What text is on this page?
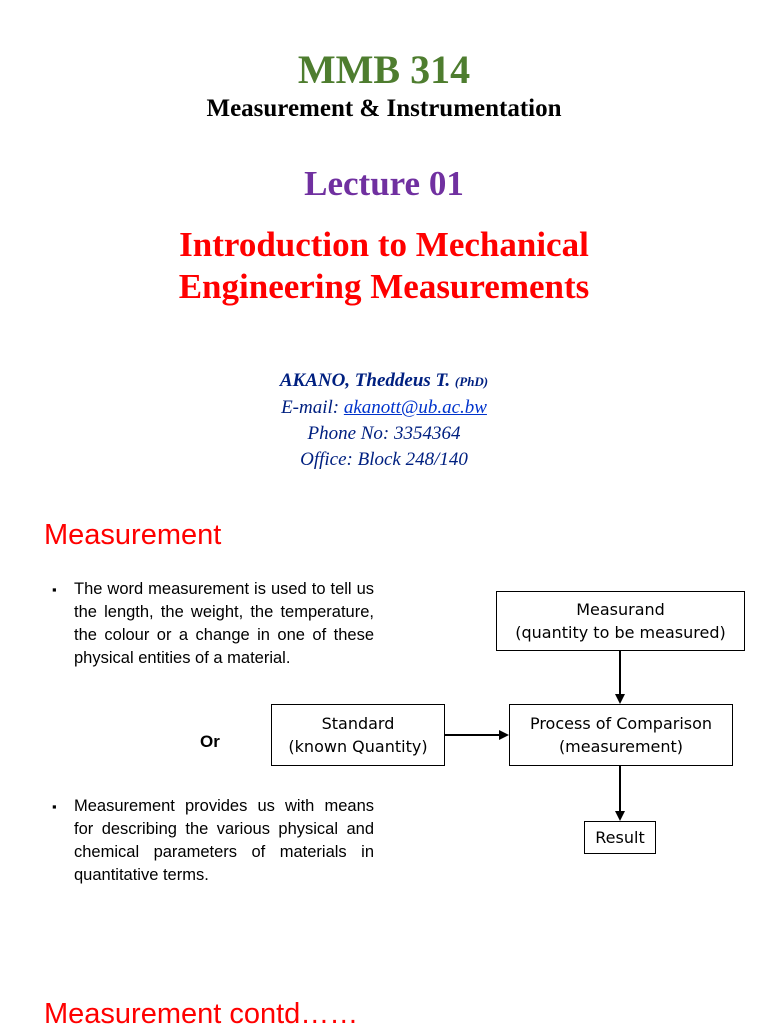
MMB 314
Measurement & Instrumentation
Lecture 01
Introduction to Mechanical
Engineering Measurements
AKANO, Theddeus T. (PhD)
E-mail: akanott@ub.ac.bw
Phone No: 3354364
Office: Block 248/140
Measurement
▪ The word measurement is used to tell us the length, the weight, the temperature, the colour or a change in one of these physical entities of a material.
Or
▪ Measurement provides us with means for describing the various physical and chemical parameters of materials in quantitative terms.
Measurand
(quantity to be measured)
Standard
(known Quantity)
Process of Comparison
(measurement)
Result
Measurement contd……
